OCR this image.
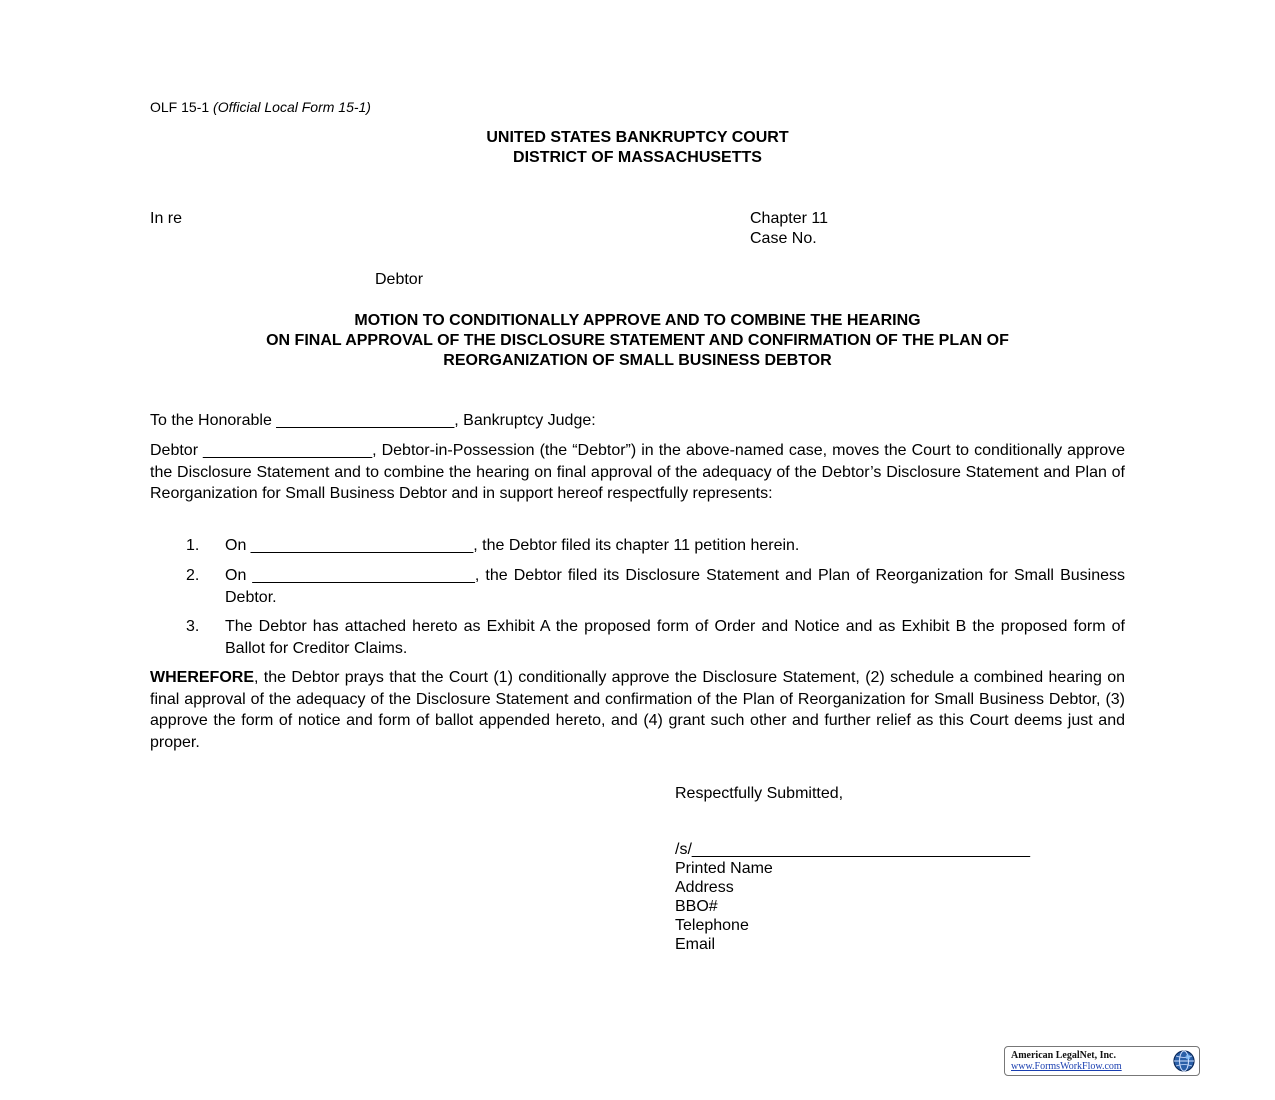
OLF 15-1 (Official Local Form 15-1)
UNITED STATES BANKRUPTCY COURT
DISTRICT OF MASSACHUSETTS
In re	Chapter 11
Case No.
Debtor
MOTION TO CONDITIONALLY APPROVE AND TO COMBINE THE HEARING
ON FINAL APPROVAL OF THE DISCLOSURE STATEMENT AND CONFIRMATION OF THE PLAN OF
REORGANIZATION OF SMALL BUSINESS DEBTOR
To the Honorable ____________________, Bankruptcy Judge:
Debtor ___________________, Debtor-in-Possession (the “Debtor”) in the above-named case, moves the Court to conditionally approve the Disclosure Statement and to combine the hearing on final approval of the adequacy of the Debtor’s Disclosure Statement and Plan of Reorganization for Small Business Debtor and in support hereof respectfully represents:
1.	On _________________________, the Debtor filed its chapter 11 petition herein.
2.	On _________________________, the Debtor filed its Disclosure Statement and Plan of Reorganization for Small Business Debtor.
3.	The Debtor has attached hereto as Exhibit A the proposed form of Order and Notice and as Exhibit B the proposed form of Ballot for Creditor Claims.
WHEREFORE, the Debtor prays that the Court (1) conditionally approve the Disclosure Statement, (2) schedule a combined hearing on final approval of the adequacy of the Disclosure Statement and confirmation of the Plan of Reorganization for Small Business Debtor, (3) approve the form of notice and form of ballot appended hereto, and (4) grant such other and further relief as this Court deems just and proper.
Respectfully Submitted,
/s/______________________________________
Printed Name
Address
BBO#
Telephone
Email
American LegalNet, Inc.
www.FormsWorkFlow.com
